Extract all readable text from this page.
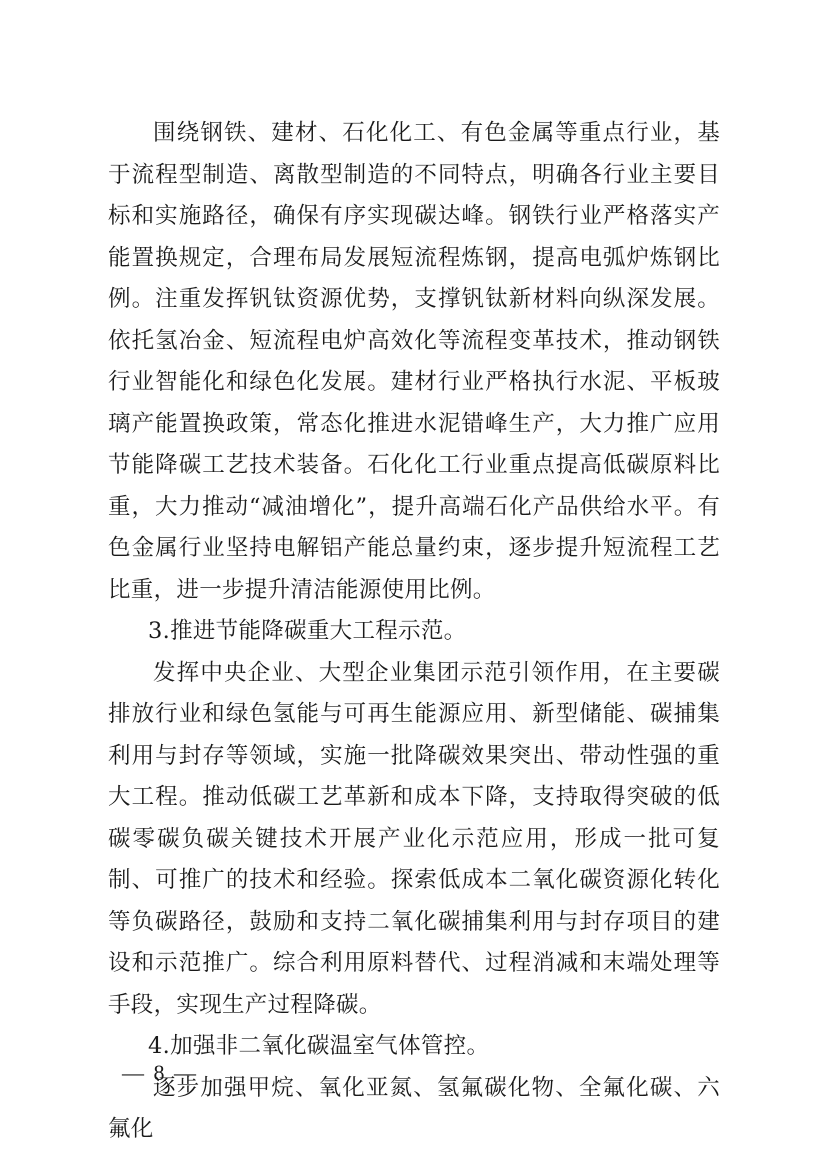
围绕钢铁、建材、石化化工、有色金属等重点行业，基于流程型制造、离散型制造的不同特点，明确各行业主要目标和实施路径，确保有序实现碳达峰。钢铁行业严格落实产能置换规定，合理布局发展短流程炼钢，提高电弧炉炼钢比例。注重发挥钒钛资源优势，支撑钒钛新材料向纵深发展。依托氢冶金、短流程电炉高效化等流程变革技术，推动钢铁行业智能化和绿色化发展。建材行业严格执行水泥、平板玻璃产能置换政策，常态化推进水泥错峰生产，大力推广应用节能降碳工艺技术装备。石化化工行业重点提高低碳原料比重，大力推动“减油增化”，提升高端石化产品供给水平。有色金属行业坚持电解铝产能总量约束，逐步提升短流程工艺比重，进一步提升清洁能源使用比例。

3.推进节能降碳重大工程示范。

发挥中央企业、大型企业集团示范引领作用，在主要碳排放行业和绿色氢能与可再生能源应用、新型储能、碳捕集利用与封存等领域，实施一批降碳效果突出、带动性强的重大工程。推动低碳工艺革新和成本下降，支持取得突破的低碳零碳负碳关键技术开展产业化示范应用，形成一批可复制、可推广的技术和经验。探索低成本二氧化碳资源化转化等负碳路径，鼓励和支持二氧化碳捕集利用与封存项目的建设和示范推广。综合利用原料替代、过程消减和末端处理等手段，实现生产过程降碳。

4.加强非二氧化碳温室气体管控。

逐步加强甲烷、氧化亚氮、氢氟碳化物、全氟化碳、六氟化

— 8 —
